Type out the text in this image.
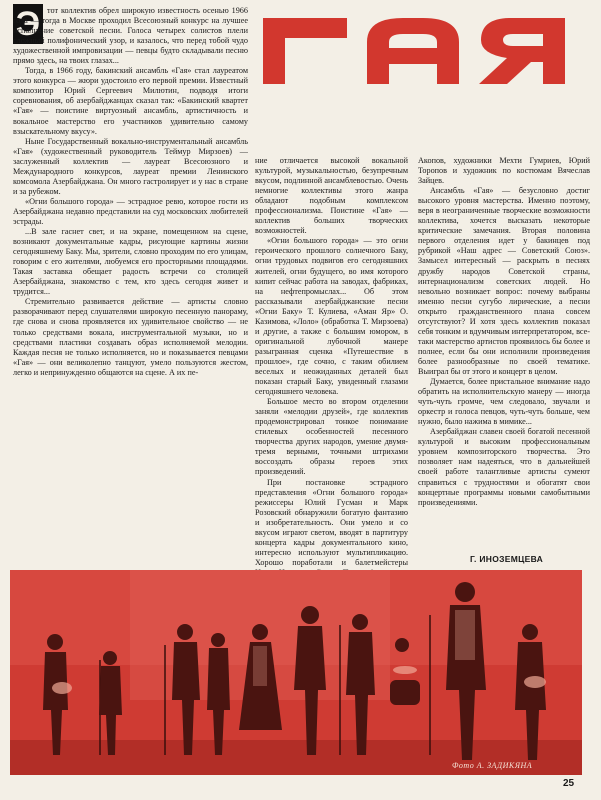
Э тот коллектив обрел широкую известность осенью 1966 года — тогда в Москве проходил Всесоюзный конкурс на лучшее исполнение советской песни. Голоса четырех солистов плели сложный полифонический узор, и казалось, что перед тобой чудо художественной импровизации — певцы будто складывали песню прямо здесь, на твоих глазах...

Тогда, в 1966 году, бакинский ансамбль «Гая» стал лауреатом этого конкурса — жюри удостоило его первой премии. Известный композитор Юрий Сергеевич Милютин, подводя итоги соревнования, об азербайджанцах сказал так: «Бакинский квартет «Гая» — поистине виртуозный ансамбль, артистичность и вокальное мастерство его участников удивительно самому взыскательному вкусу».

Ныне Государственный вокально-инструментальный ансамбль «Гая» (художественный руководитель Теймур Мирзоев) — заслуженный коллектив — лауреат Всесоюзного и Международного конкурсов, лауреат премии Ленинского комсомола Азербайджана. Он много гастролирует и у нас в стране и за рубежом.

«Огни большого города» — эстрадное ревю, которое гости из Азербайджана недавно представили на суд московских любителей эстрады.

...В зале гаснет свет, и на экране, помещенном на сцене, возникают документальные кадры, рисующие картины жизни сегодняшнему Баку. Мы, зрители, словно проходим по его улицам, говорим с его жителями, любуемся его просторными площадями. Такая заставка обещает радость встречи со столицей Азербайджана, знакомство с тем, кто здесь сегодня живет и трудится...

Стремительно развивается действие — артисты словно разворачивают перед слушателями широкую песенную панораму, где снова и снова проявляется их удивительное свойство — не только средствами вокала, инструментальной музыки, но и средствами пластики создавать образ исполняемой мелодии. Каждая песня не только исполняется, но и показывается певцами «Гая» — они великолепно танцуют, умело пользуются жестом, легко и непринужденно общаются на сцене. А их пе-

ние отличается высокой вокальной культурой, музыкальностью, безупречным вкусом, подлинной ансамблевостью. Очень немногие коллективы этого жанра обладают подобным комплексом профессионализма. Поистине «Гая» — коллектив больших творческих возможностей.

«Огни большого города» — это огни героического прошлого солнечного Баку, огни трудовых подвигов его сегодняшних жителей, огни будущего, во имя которого кипит сейчас работа на заводах, фабриках, на нефтепромыслах... Об этом рассказывали азербайджанские песни «Огни Баку» Т. Кулиева, «Аман Яр» О. Казимова, «Лоло» (обработка Т. Мирзоева) и другие, а также с большим юмором, в оригинальной лубочной манере разыгранная сценка «Путешествие в прошлое», где сочно, с таким обилием веселых и неожиданных деталей был показан старый Баку, увиденный глазами сегодняшнего человека.

Большое место во втором отделении заняли «мелодии друзей», где коллектив продемонстрировал тонкое понимание стилевых особенностей песенного творчества других народов, умение двумя-тремя верными, точными штрихами воссоздать образы героев этих произведений.

При постановке эстрадного представления «Огни большого города» режиссеры Юлий Гусман и Марк Розовский обнаружили богатую фантазию и изобретательность. Они умело и со вкусом играют светом, вводят в партитуру концерта кадры документального кино, интересно используют мультипликацию. Хорошо поработали и балетмейстеры

Акопов, художники Мехти Гумриев, Юрий Торопов и художник по костюмам Вячеслав Зайцев.

Ансамбль «Гая» — безусловно достиг высокого уровня мастерства. Именно поэтому, веря в неограниченные творческие возможности коллектива, хочется высказать некоторые критические замечания. Вторая половина первого отделения идет у бакинцев под рубрикой «Наш адрес — Советский Союз». Замысел интересный — раскрыть в песнях дружбу народов Советской страны, интернационализм советских людей. Но невольно возникает вопрос: почему выбраны именно песни сугубо лирические, а песни открыто гражданственного плана совсем отсутствуют? И хотя здесь коллектив показал себя тонким и вдумчивым интерпретатором, все-таки мастерство артистов проявилось бы более и полнее, если бы они исполнили произведения более разнообразные по своей тематике. Выиграл бы от этого и концерт в целом.

Думается, более пристальное внимание надо обратить на исполнительскую манеру — иногда чуть-чуть громче, чем следовало, звучали и оркестр и голоса певцов, чуть-чуть больше, чем нужно, было нажима в мимике...

Азербайджан славен своей богатой песенной культурой и высоким профессиональным уровнем композиторского творчества. Это позволяет нам надеяться, что в дальнейшей своей работе талантливые артисты сумеют справиться с трудностями и обогатят свои концертные программы новыми самобытными произведениями.

Г. ИНОЗЕМЦЕВА
Фото А. ЗАДИКЯНА
25
